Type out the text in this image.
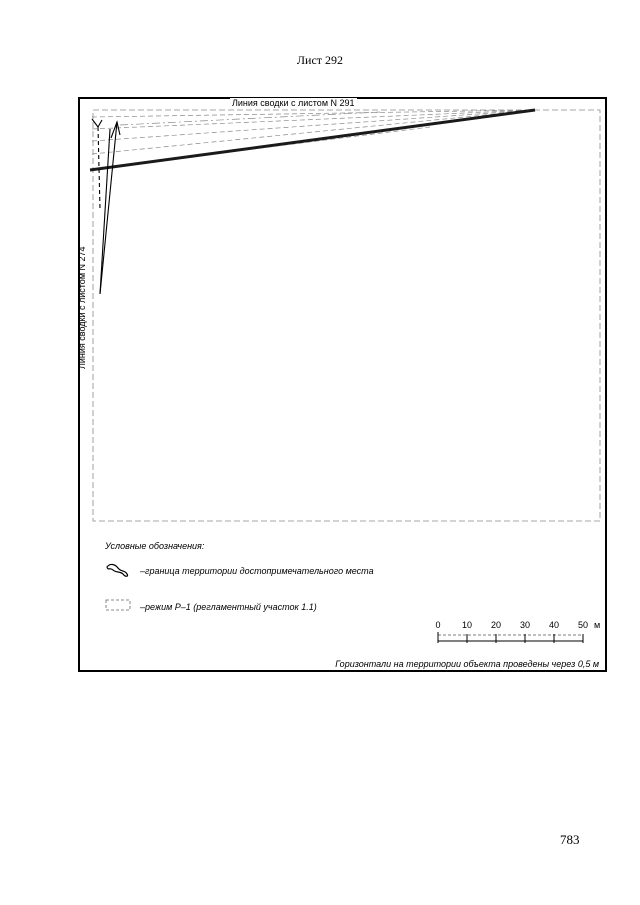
Лист 292
Линия сводки с листом N 291
Линия сводки с листом N 274
Условные обозначения:
–граница территории достопримечательного места
–режим Р–1 (регламентный участок 1.1)
0 10 20 30 40 50 м
Горизонтали на территории объекта проведены через 0,5 м
783
